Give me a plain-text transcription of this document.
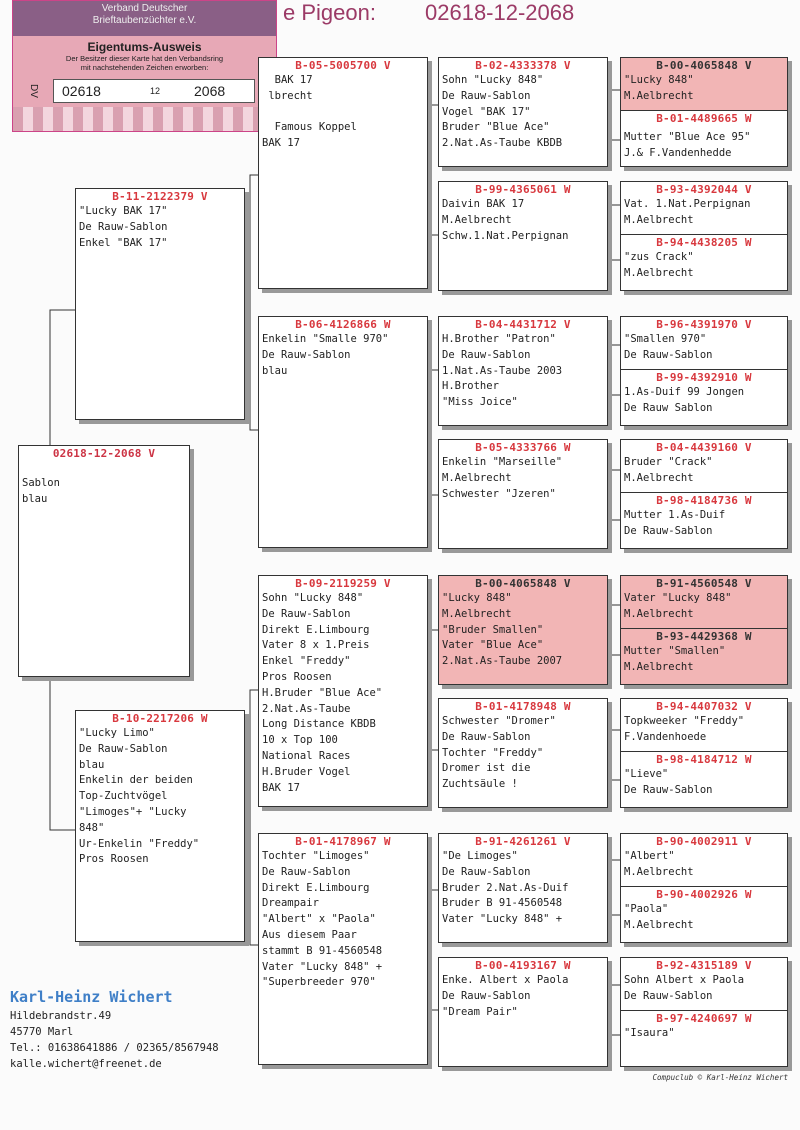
e Pigeon: 02618-12-2068
Verband Deutscher
Brieftaubenzüchter e.V.
Eigentums-Ausweis
Der Besitzer dieser Karte hat den Verbandsring
mit nachstehenden Zeichen erworben:
DV	02618	12 2068
02618-12-2068 V
Sablon
blau
B-11-2122379 V
"Lucky BAK 17"
De Rauw-Sablon
Enkel "BAK 17"
B-10-2217206 W
"Lucky Limo"
De Rauw-Sablon
blau
Enkelin der beiden
Top-Zuchtvögel
"Limoges"+ "Lucky
848"
Ur-Enkelin "Freddy"
Pros Roosen
B-05-5005700 V
BAK 17
lbrecht

Famous Koppel
BAK 17
B-06-4126866 W
Enkelin "Smalle 970"
De Rauw-Sablon
blau
B-09-2119259 V
Sohn "Lucky 848"
De Rauw-Sablon
Direkt E.Limbourg
Vater 8 x 1.Preis
Enkel "Freddy"
Pros Roosen
H.Bruder "Blue Ace"
2.Nat.As-Taube
Long Distance KBDB
10 x Top 100
National Races
H.Bruder Vogel
BAK 17
B-01-4178967 W
Tochter "Limoges"
De Rauw-Sablon
Direkt E.Limbourg
Dreampair
"Albert" x "Paola"
Aus diesem Paar
stammt B 91-4560548
Vater "Lucky 848" +
"Superbreeder 970"
B-02-4333378 V
Sohn "Lucky 848"
De Rauw-Sablon
Vogel "BAK 17"
Bruder "Blue Ace"
2.Nat.As-Taube KBDB
B-99-4365061 W
Daivin BAK 17
M.Aelbrecht
Schw.1.Nat.Perpignan
B-04-4431712 V
H.Brother "Patron"
De Rauw-Sablon
1.Nat.As-Taube 2003
H.Brother
"Miss Joice"
B-05-4333766 W
Enkelin "Marseille"
M.Aelbrecht
Schwester "Jzeren"
B-00-4065848 V
"Lucky 848"
M.Aelbrecht
"Bruder Smallen"
Vater "Blue Ace"
2.Nat.As-Taube 2007
B-01-4178948 W
Schwester "Dromer"
De Rauw-Sablon
Tochter "Freddy"
Dromer ist die
Zuchtsäule !
B-91-4261261 V
"De Limoges"
De Rauw-Sablon
Bruder 2.Nat.As-Duif
Bruder B 91-4560548
Vater "Lucky 848" +
B-00-4193167 W
Enke. Albert x Paola
De Rauw-Sablon
"Dream Pair"
B-00-4065848 V
"Lucky 848"
M.Aelbrecht
B-01-4489665 W
Mutter "Blue Ace 95"
J.& F.Vandenhedde
B-93-4392044 V
Vat. 1.Nat.Perpignan
M.Aelbrecht
B-94-4438205 W
"zus Crack"
M.Aelbrecht
B-96-4391970 V
"Smallen 970"
De Rauw-Sablon
B-99-4392910 W
1.As-Duif 99 Jongen
De Rauw Sablon
B-04-4439160 V
Bruder "Crack"
M.Aelbrecht
B-98-4184736 W
Mutter 1.As-Duif
De Rauw-Sablon
B-91-4560548 V
Vater "Lucky 848"
M.Aelbrecht
B-93-4429368 W
Mutter "Smallen"
M.Aelbrecht
B-94-4407032 V
Topkweeker "Freddy"
F.Vandenhoede
B-98-4184712 W
"Lieve"
De Rauw-Sablon
B-90-4002911 V
"Albert"
M.Aelbrecht
B-90-4002926 W
"Paola"
M.Aelbrecht
B-92-4315189 V
Sohn Albert x Paola
De Rauw-Sablon
B-97-4240697 W
"Isaura"
Karl-Heinz Wichert
Hildebrandstr.49
45770 Marl
Tel.: 01638641886 / 02365/8567948
kalle.wichert@freenet.de
Compuclub © Karl-Heinz Wichert
